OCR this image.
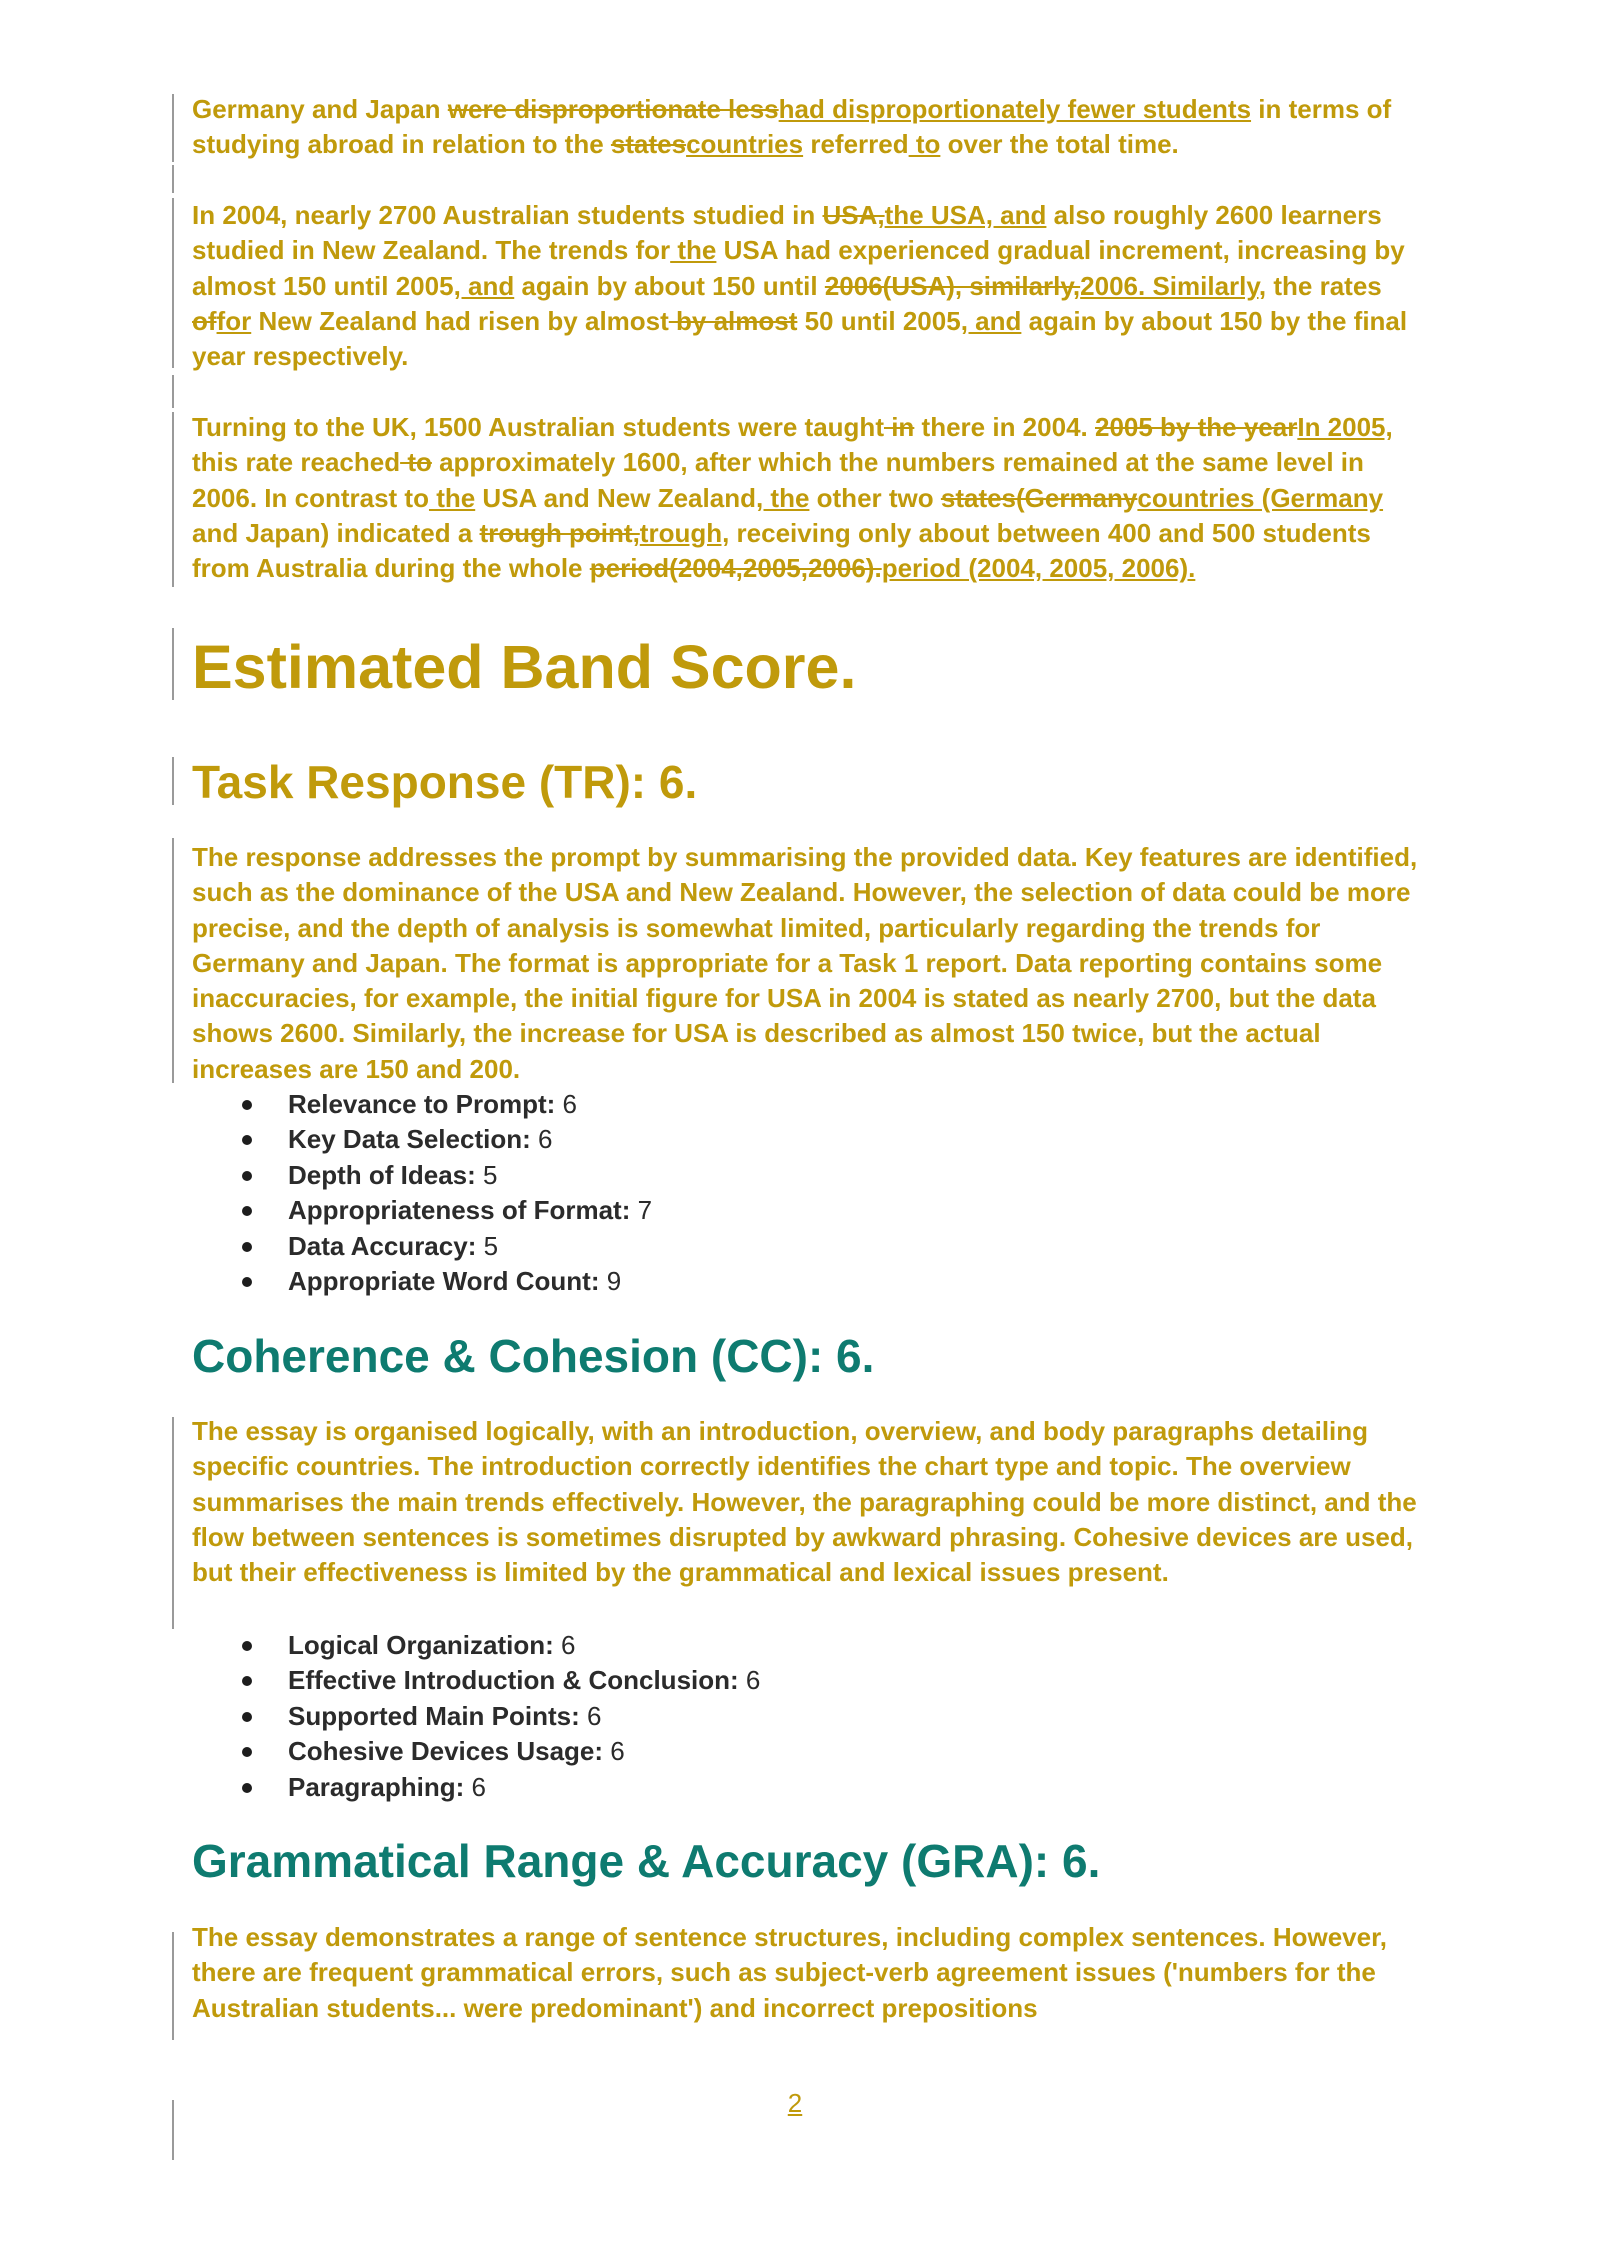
Germany and Japan were disproportionate lesshad disproportionately fewer students in terms of studying abroad in relation to the statescountries referred to over the total time.

In 2004, nearly 2700 Australian students studied in USA,the USA, and also roughly 2600 learners studied in New Zealand. The trends for the USA had experienced gradual increment, increasing by almost 150 until 2005, and again by about 150 until 2006(USA), similarly,2006. Similarly, the rates offor New Zealand had risen by almost by almost 50 until 2005, and again by about 150 by the final year respectively.

Turning to the UK, 1500 Australian students were taught in there in 2004. 2005 by the yearIn 2005, this rate reached to approximately 1600, after which the numbers remained at the same level in 2006. In contrast to the USA and New Zealand, the other two states(Germanycountries (Germany and Japan) indicated a trough point,trough, receiving only about between 400 and 500 students from Australia during the whole period(2004,2005,2006).period (2004, 2005, 2006).

Estimated Band Score.
Task Response (TR): 6.

The response addresses the prompt by summarising the provided data. Key features are identified, such as the dominance of the USA and New Zealand. However, the selection of data could be more precise, and the depth of analysis is somewhat limited, particularly regarding the trends for Germany and Japan. The format is appropriate for a Task 1 report. Data reporting contains some inaccuracies, for example, the initial figure for USA in 2004 is stated as nearly 2700, but the data shows 2600. Similarly, the increase for USA is described as almost 150 twice, but the actual increases are 150 and 200.

Relevance to Prompt: 6
Key Data Selection: 6
Depth of Ideas: 5
Appropriateness of Format: 7
Data Accuracy: 5
Appropriate Word Count: 9
Coherence & Cohesion (CC): 6.

The essay is organised logically, with an introduction, overview, and body paragraphs detailing specific countries. The introduction correctly identifies the chart type and topic. The overview summarises the main trends effectively. However, the paragraphing could be more distinct, and the flow between sentences is sometimes disrupted by awkward phrasing. Cohesive devices are used, but their effectiveness is limited by the grammatical and lexical issues present.

Logical Organization: 6
Effective Introduction & Conclusion: 6
Supported Main Points: 6
Cohesive Devices Usage: 6
Paragraphing: 6
Grammatical Range & Accuracy (GRA): 6.

The essay demonstrates a range of sentence structures, including complex sentences. However, there are frequent grammatical errors, such as subject-verb agreement issues ('numbers for the Australian students... were predominant') and incorrect prepositions

2
